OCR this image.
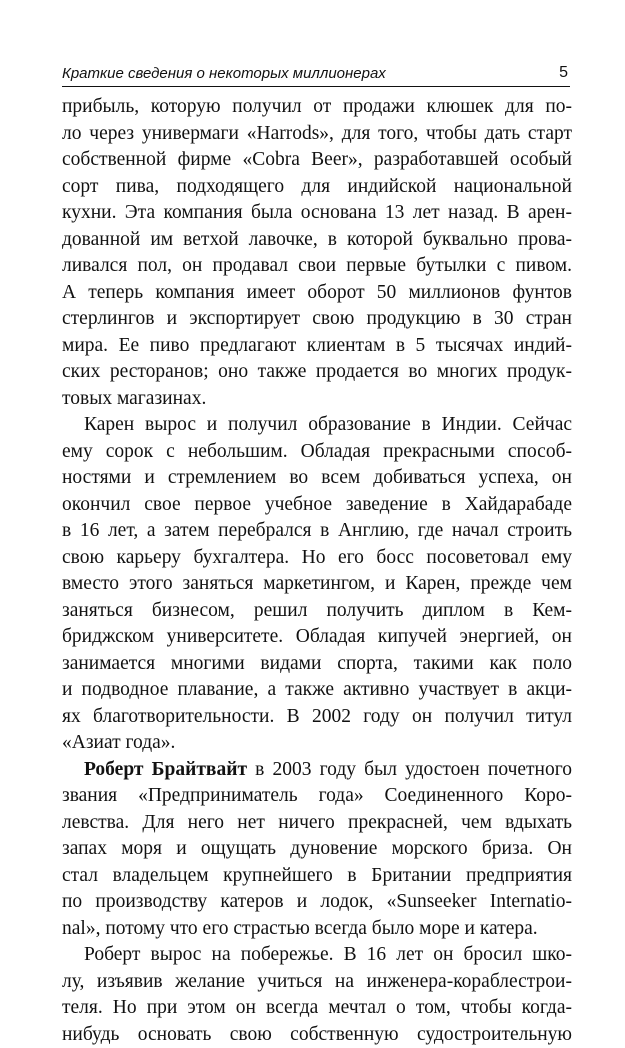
Краткие сведения о некоторых миллионерах	5
прибыль, которую получил от продажи клюшек для по-
ло через универмаги «Harrods», для того, чтобы дать старт
собственной фирме «Cobra Beer», разработавшей особый
сорт пива, подходящего для индийской национальной
кухни. Эта компания была основана 13 лет назад. В арен-
дованной им ветхой лавочке, в которой буквально прова-
ливался пол, он продавал свои первые бутылки с пивом.
А теперь компания имеет оборот 50 миллионов фунтов
стерлингов и экспортирует свою продукцию в 30 стран
мира. Ее пиво предлагают клиентам в 5 тысячах индий-
ских ресторанов; оно также продается во многих продук-
товых магазинах.
Карен вырос и получил образование в Индии. Сейчас
ему сорок с небольшим. Обладая прекрасными способ-
ностями и стремлением во всем добиваться успеха, он
окончил свое первое учебное заведение в Хайдарабаде
в 16 лет, а затем перебрался в Англию, где начал строить
свою карьеру бухгалтера. Но его босс посоветовал ему
вместо этого заняться маркетингом, и Карен, прежде чем
заняться бизнесом, решил получить диплом в Кем-
бриджском университете. Обладая кипучей энергией, он
занимается многими видами спорта, такими как поло
и подводное плавание, а также активно участвует в акци-
ях благотворительности. В 2002 году он получил титул
«Азиат года».
Роберт Брайтвайт в 2003 году был удостоен почетного
звания «Предприниматель года» Соединенного Коро-
левства. Для него нет ничего прекрасней, чем вдыхать
запах моря и ощущать дуновение морского бриза. Он
стал владельцем крупнейшего в Британии предприятия
по производству катеров и лодок, «Sunseeker Internatio-
nal», потому что его страстью всегда было море и катера.
Роберт вырос на побережье. В 16 лет он бросил шко-
лу, изъявив желание учиться на инженера-кораблестрои-
теля. Но при этом он всегда мечтал о том, чтобы когда-
нибудь основать свою собственную судостроительную
